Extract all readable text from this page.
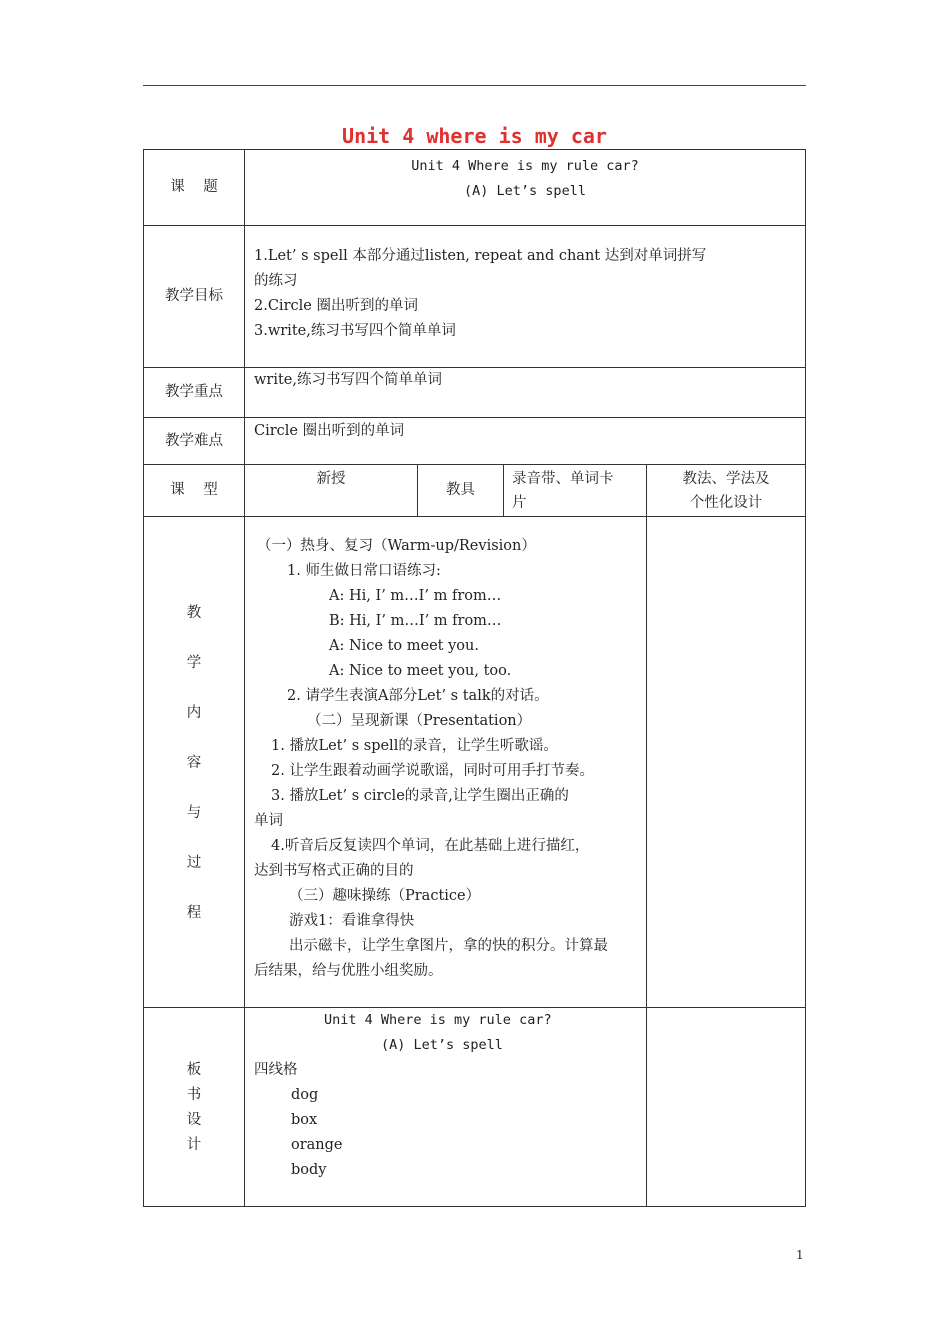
Unit 4 where is my car
课    题
Unit 4 Where is my rule car?
(A) Let’s spell
教学目标
1.Let’ s spell 本部分通过listen, repeat and chant 达到对单词拼写
的练习
2.Circle 圈出听到的单词
3.write,练习书写四个简单单词
教学重点
write,练习书写四个简单单词
教学难点
Circle 圈出听到的单词
课    型
新授
教具
录音带、单词卡
片
教法、学法及
个性化设计
教
学
内
容
与
过
程
（一）热身、复习（Warm-up/Revision）
1. 师生做日常口语练习:
A: Hi, I’ m…I’ m from…
B: Hi, I’ m…I’ m from…
A: Nice to meet you.
A: Nice to meet you, too.
2. 请学生表演A部分Let’ s talk的对话。
（二）呈现新课（Presentation）
1. 播放Let’ s spell的录音，让学生听歌谣。
2. 让学生跟着动画学说歌谣，同时可用手打节奏。
3. 播放Let’ s circle的录音,让学生圈出正确的
单词
4.听音后反复读四个单词，在此基础上进行描红，
达到书写格式正确的目的
（三）趣味操练（Practice）
游戏1：看谁拿得快
出示磁卡，让学生拿图片，拿的快的积分。计算最
后结果，给与优胜小组奖励。
板
书
设
计
Unit 4 Where is my rule car?
(A) Let’s spell
四线格
dog
box
orange
body
1
